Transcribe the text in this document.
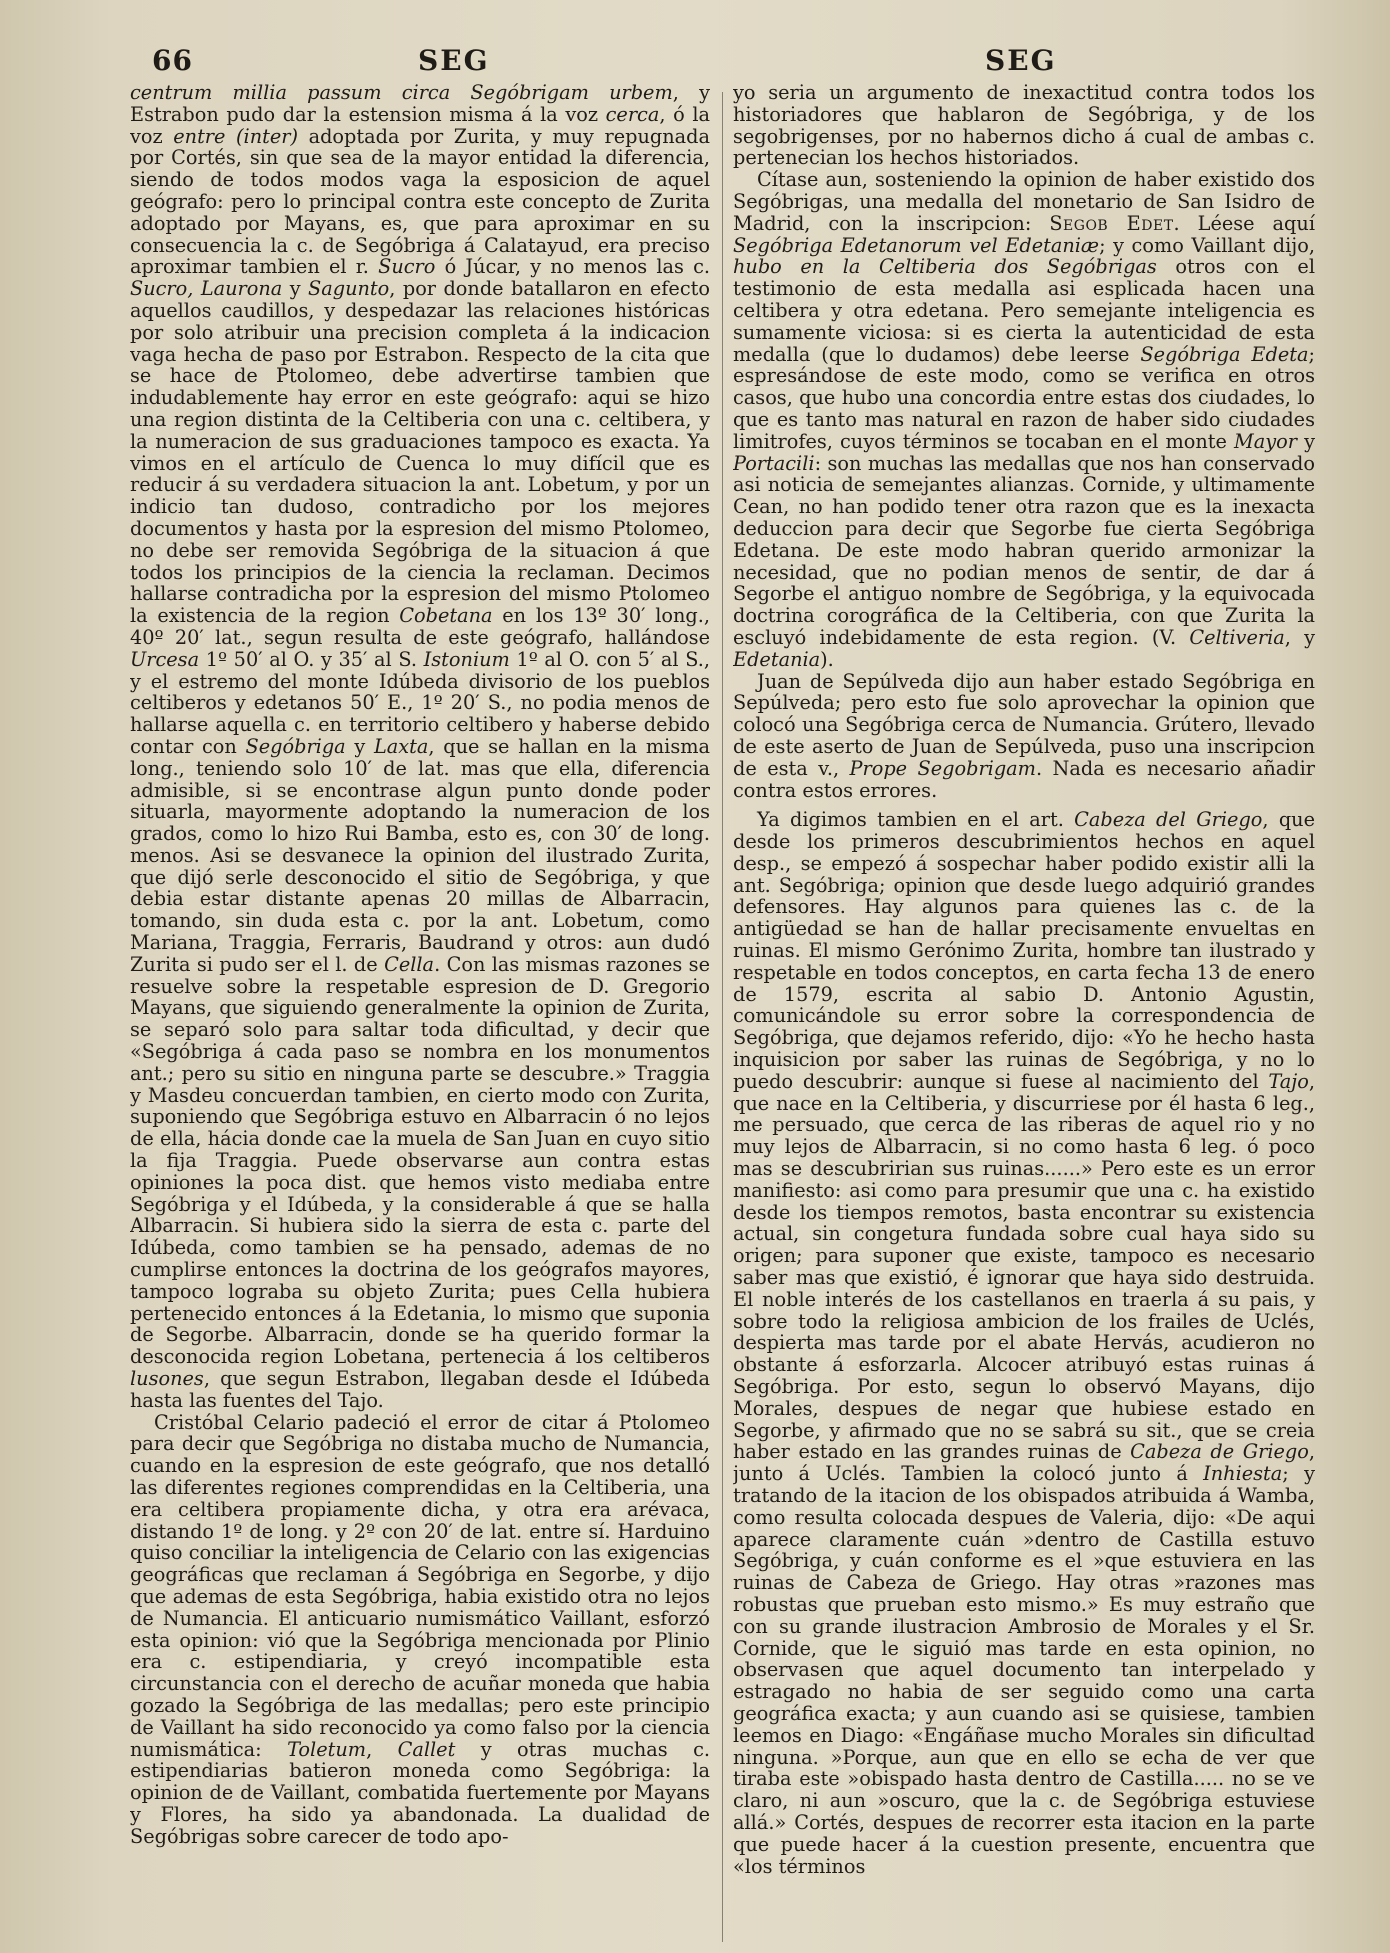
66	SEG	SEG

centrum millia passum circa Segóbrigam urbem, y Estrabon pudo dar la estension misma á la voz cerca, ó la voz entre (inter) adoptada por Zurita, y muy repugnada por Cortés, sin que sea de la mayor entidad la diferencia, siendo de todos modos vaga la esposicion de aquel geógrafo: pero lo principal contra este concepto de Zurita adoptado por Mayans, es, que para aproximar en su consecuencia la c. de Segóbriga á Calatayud, era preciso aproximar tambien el r. Sucro ó Júcar, y no menos las c. Sucro, Laurona y Sagunto, por donde batallaron en efecto aquellos caudillos, y despedazar las relaciones históricas por solo atribuir una precision completa á la indicacion vaga hecha de paso por Estrabon. Respecto de la cita que se hace de Ptolomeo, debe advertirse tambien que indudablemente hay error en este geógrafo: aqui se hizo una region distinta de la Celtiberia con una c. celtibera, y la numeracion de sus graduaciones tampoco es exacta. Ya vimos en el artículo de Cuenca lo muy difícil que es reducir á su verdadera situacion la ant. Lobetum, y por un indicio tan dudoso, contradicho por los mejores documentos y hasta por la espresion del mismo Ptolomeo, no debe ser removida Segóbriga de la situacion á que todos los principios de la ciencia la reclaman. Decimos hallarse contradicha por la espresion del mismo Ptolomeo la existencia de la region Cobetana en los 13º 30′ long., 40º 20′ lat., segun resulta de este geógrafo, hallándose Urcesa 1º 50′ al O. y 35′ al S. Istonium 1º al O. con 5′ al S., y el estremo del monte Idúbeda divisorio de los pueblos celtiberos y edetanos 50′ E., 1º 20′ S., no podia menos de hallarse aquella c. en territorio celtibero y haberse debido contar con Segóbriga y Laxta, que se hallan en la misma long., teniendo solo 10′ de lat. mas que ella, diferencia admisible, si se encontrase algun punto donde poder situarla, mayormente adoptando la numeracion de los grados, como lo hizo Rui Bamba, esto es, con 30′ de long. menos. Asi se desvanece la opinion del ilustrado Zurita, que dijó serle desconocido el sitio de Segóbriga, y que debia estar distante apenas 20 millas de Albarracin, tomando, sin duda esta c. por la ant. Lobetum, como Mariana, Traggia, Ferraris, Baudrand y otros: aun dudó Zurita si pudo ser el l. de Cella. Con las mismas razones se resuelve sobre la respetable espresion de D. Gregorio Mayans, que siguiendo generalmente la opinion de Zurita, se separó solo para saltar toda dificultad, y decir que «Segóbriga á cada paso se nombra en los monumentos ant.; pero su sitio en ninguna parte se descubre.» Traggia y Masdeu concuerdan tambien, en cierto modo con Zurita, suponiendo que Segóbriga estuvo en Albarracin ó no lejos de ella, hácia donde cae la muela de San Juan en cuyo sitio la fija Traggia. Puede observarse aun contra estas opiniones la poca dist. que hemos visto mediaba entre Segóbriga y el Idúbeda, y la considerable á que se halla Albarracin. Si hubiera sido la sierra de esta c. parte del Idúbeda, como tambien se ha pensado, ademas de no cumplirse entonces la doctrina de los geógrafos mayores, tampoco lograba su objeto Zurita; pues Cella hubiera pertenecido entonces á la Edetania, lo mismo que suponia de Segorbe. Albarracin, donde se ha querido formar la desconocida region Lobetana, pertenecia á los celtiberos lusones, que segun Estrabon, llegaban desde el Idúbeda hasta las fuentes del Tajo.

Cristóbal Celario padeció el error de citar á Ptolomeo para decir que Segóbriga no distaba mucho de Numancia, cuando en la espresion de este geógrafo, que nos detalló las diferentes regiones comprendidas en la Celtiberia, una era celtibera propiamente dicha, y otra era arévaca, distando 1º de long. y 2º con 20′ de lat. entre sí. Harduino quiso conciliar la inteligencia de Celario con las exigencias geográficas que reclaman á Segóbriga en Segorbe, y dijo que ademas de esta Segóbriga, habia existido otra no lejos de Numancia. El anticuario numismático Vaillant, esforzó esta opinion: vió que la Segóbriga mencionada por Plinio era c. estipendiaria, y creyó incompatible esta circunstancia con el derecho de acuñar moneda que habia gozado la Segóbriga de las medallas; pero este principio de Vaillant ha sido reconocido ya como falso por la ciencia numismática: Toletum, Callet y otras muchas c. estipendiarias batieron moneda como Segóbriga: la opinion de de Vaillant, combatida fuertemente por Mayans y Flores, ha sido ya abandonada. La dualidad de Segóbrigas sobre carecer de todo apo-

yo seria un argumento de inexactitud contra todos los historiadores que hablaron de Segóbriga, y de los segobrigenses, por no habernos dicho á cual de ambas c. pertenecian los hechos historiados.

Cítase aun, sosteniendo la opinion de haber existido dos Segóbrigas, una medalla del monetario de San Isidro de Madrid, con la inscripcion: Segob Edet. Léese aquí Segóbriga Edetanorum vel Edetaniæ; y como Vaillant dijo, hubo en la Celtiberia dos Segóbrigas otros con el testimonio de esta medalla asi esplicada hacen una celtibera y otra edetana. Pero semejante inteligencia es sumamente viciosa: si es cierta la autenticidad de esta medalla (que lo dudamos) debe leerse Segóbriga Edeta; espresándose de este modo, como se verifica en otros casos, que hubo una concordia entre estas dos ciudades, lo que es tanto mas natural en razon de haber sido ciudades limitrofes, cuyos términos se tocaban en el monte Mayor y Portacili: son muchas las medallas que nos han conservado asi noticia de semejantes alianzas. Cornide, y ultimamente Cean, no han podido tener otra razon que es la inexacta deduccion para decir que Segorbe fue cierta Segóbriga Edetana. De este modo habran querido armonizar la necesidad, que no podian menos de sentir, de dar á Segorbe el antiguo nombre de Segóbriga, y la equivocada doctrina corográfica de la Celtiberia, con que Zurita la escluyó indebidamente de esta region. (V. Celtiveria, y Edetania).

Juan de Sepúlveda dijo aun haber estado Segóbriga en Sepúlveda; pero esto fue solo aprovechar la opinion que colocó una Segóbriga cerca de Numancia. Grútero, llevado de este aserto de Juan de Sepúlveda, puso una inscripcion de esta v., Prope Segobrigam. Nada es necesario añadir contra estos errores.

Ya digimos tambien en el art. Cabeza del Griego, que desde los primeros descubrimientos hechos en aquel desp., se empezó á sospechar haber podido existir alli la ant. Segóbriga; opinion que desde luego adquirió grandes defensores. Hay algunos para quienes las c. de la antigüedad se han de hallar precisamente envueltas en ruinas. El mismo Gerónimo Zurita, hombre tan ilustrado y respetable en todos conceptos, en carta fecha 13 de enero de 1579, escrita al sabio D. Antonio Agustin, comunicándole su error sobre la correspondencia de Segóbriga, que dejamos referido, dijo: «Yo he hecho hasta inquisicion por saber las ruinas de Segóbriga, y no lo puedo descubrir: aunque si fuese al nacimiento del Tajo, que nace en la Celtiberia, y discurriese por él hasta 6 leg., me persuado, que cerca de las riberas de aquel rio y no muy lejos de Albarracin, si no como hasta 6 leg. ó poco mas se descubririan sus ruinas......» Pero este es un error manifiesto: asi como para presumir que una c. ha existido desde los tiempos remotos, basta encontrar su existencia actual, sin congetura fundada sobre cual haya sido su origen; para suponer que existe, tampoco es necesario saber mas que existió, é ignorar que haya sido destruida. El noble interés de los castellanos en traerla á su pais, y sobre todo la religiosa ambicion de los frailes de Uclés, despierta mas tarde por el abate Hervás, acudieron no obstante á esforzarla. Alcocer atribuyó estas ruinas á Segóbriga. Por esto, segun lo observó Mayans, dijo Morales, despues de negar que hubiese estado en Segorbe, y afirmado que no se sabrá su sit., que se creia haber estado en las grandes ruinas de Cabeza de Griego, junto á Uclés. Tambien la colocó junto á Inhiesta; y tratando de la itacion de los obispados atribuida á Wamba, como resulta colocada despues de Valeria, dijo: «De aqui aparece claramente cuán »dentro de Castilla estuvo Segóbriga, y cuán conforme es el »que estuviera en las ruinas de Cabeza de Griego. Hay otras »razones mas robustas que prueban esto mismo.» Es muy estraño que con su grande ilustracion Ambrosio de Morales y el Sr. Cornide, que le siguió mas tarde en esta opinion, no observasen que aquel documento tan interpelado y estragado no habia de ser seguido como una carta geográfica exacta; y aun cuando asi se quisiese, tambien leemos en Diago: «Engáñase mucho Morales sin dificultad ninguna. »Porque, aun que en ello se echa de ver que tiraba este »obispado hasta dentro de Castilla..... no se ve claro, ni aun »oscuro, que la c. de Segóbriga estuviese allá.» Cortés, despues de recorrer esta itacion en la parte que puede hacer á la cuestion presente, encuentra que «los términos
